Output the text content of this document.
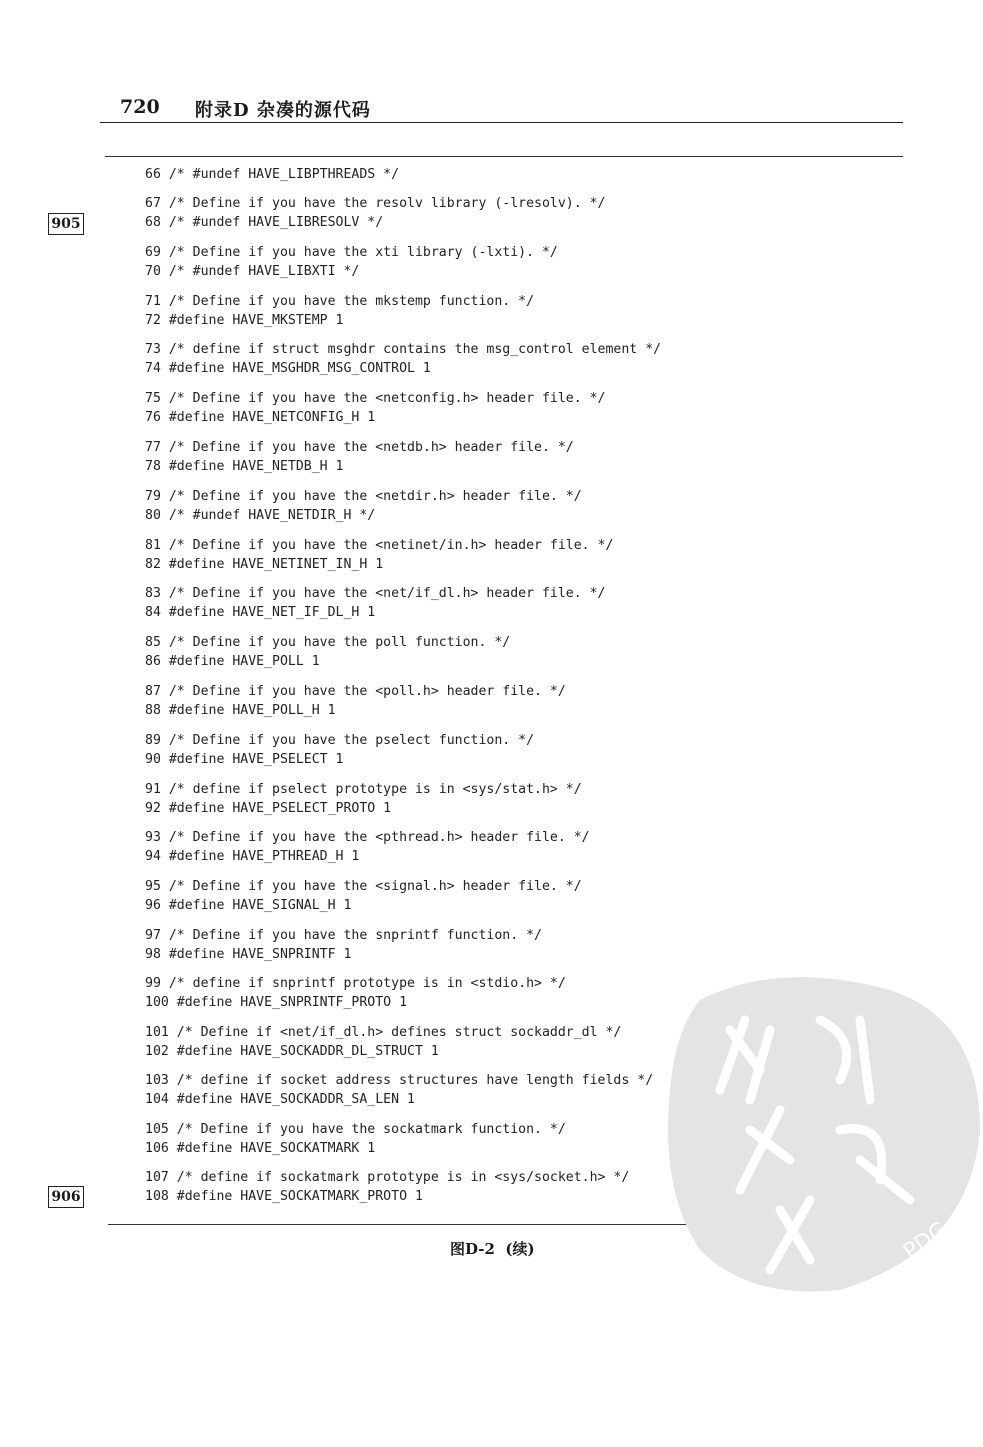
720 附录D 杂凑的源代码
66 /* #undef HAVE_LIBPTHREADS */
67 /* Define if you have the resolv library (-lresolv). */
68 /* #undef HAVE_LIBRESOLV */
69 /* Define if you have the xti library (-lxti). */
70 /* #undef HAVE_LIBXTI */
71 /* Define if you have the mkstemp function. */
72 #define HAVE_MKSTEMP 1
73 /* define if struct msghdr contains the msg_control element */
74 #define HAVE_MSGHDR_MSG_CONTROL 1
75 /* Define if you have the <netconfig.h> header file. */
76 #define HAVE_NETCONFIG_H 1
77 /* Define if you have the <netdb.h> header file. */
78 #define HAVE_NETDB_H 1
79 /* Define if you have the <netdir.h> header file. */
80 /* #undef HAVE_NETDIR_H */
81 /* Define if you have the <netinet/in.h> header file. */
82 #define HAVE_NETINET_IN_H 1
83 /* Define if you have the <net/if_dl.h> header file. */
84 #define HAVE_NET_IF_DL_H 1
85 /* Define if you have the poll function. */
86 #define HAVE_POLL 1
87 /* Define if you have the <poll.h> header file. */
88 #define HAVE_POLL_H 1
89 /* Define if you have the pselect function. */
90 #define HAVE_PSELECT 1
91 /* define if pselect prototype is in <sys/stat.h> */
92 #define HAVE_PSELECT_PROTO 1
93 /* Define if you have the <pthread.h> header file. */
94 #define HAVE_PTHREAD_H 1
95 /* Define if you have the <signal.h> header file. */
96 #define HAVE_SIGNAL_H 1
97 /* Define if you have the snprintf function. */
98 #define HAVE_SNPRINTF 1
99 /* define if snprintf prototype is in <stdio.h> */
100 #define HAVE_SNPRINTF_PROTO 1
101 /* Define if <net/if_dl.h> defines struct sockaddr_dl */
102 #define HAVE_SOCKADDR_DL_STRUCT 1
103 /* define if socket address structures have length fields */
104 #define HAVE_SOCKADDR_SA_LEN 1
105 /* Define if you have the sockatmark function. */
106 #define HAVE_SOCKATMARK 1
107 /* define if sockatmark prototype is in <sys/socket.h> */
108 #define HAVE_SOCKATMARK_PROTO 1
905
906
图D-2  (续)	PDG
